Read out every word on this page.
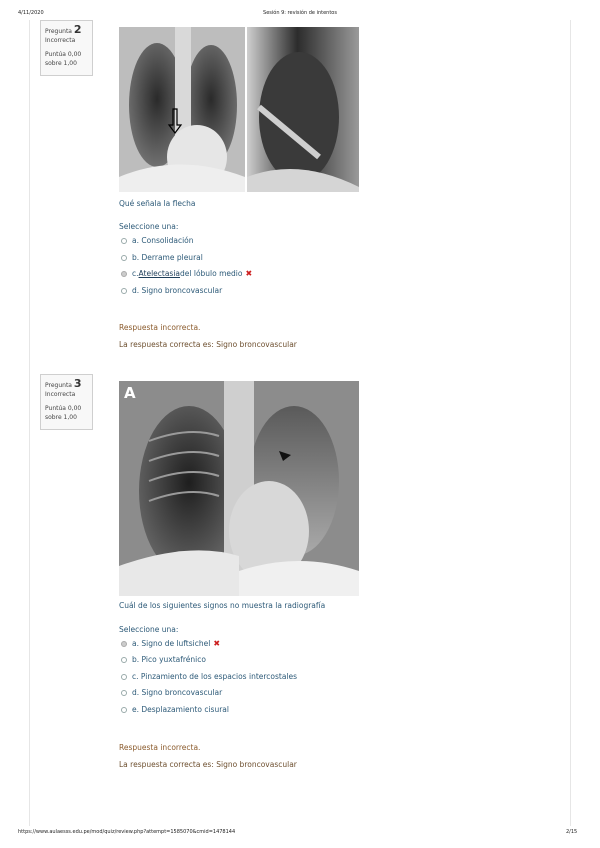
4/11/2020	Sesión 9: revisión de intentos
Pregunta 2
Incorrecta
Puntúa 0,00
sobre 1,00
Qué señala la flecha
Seleccione una:
a. Consolidación
b. Derrame pleural
c. Atelectasia del lóbulo medio ✖
d. Signo broncovascular
Respuesta incorrecta.
La respuesta correcta es: Signo broncovascular
Pregunta 3
Incorrecta
Puntúa 0,00
sobre 1,00
A
Cuál de los siguientes signos no muestra la radiografía
Seleccione una:
a. Signo de luftsichel ✖
b. Pico yuxtafrénico
c. Pinzamiento de los espacios intercostales
d. Signo broncovascular
e. Desplazamiento cisural
Respuesta incorrecta.
La respuesta correcta es: Signo broncovascular
https://www.aulaesss.edu.pe/mod/quiz/review.php?attempt=1585070&cmid=1478144	2/15
